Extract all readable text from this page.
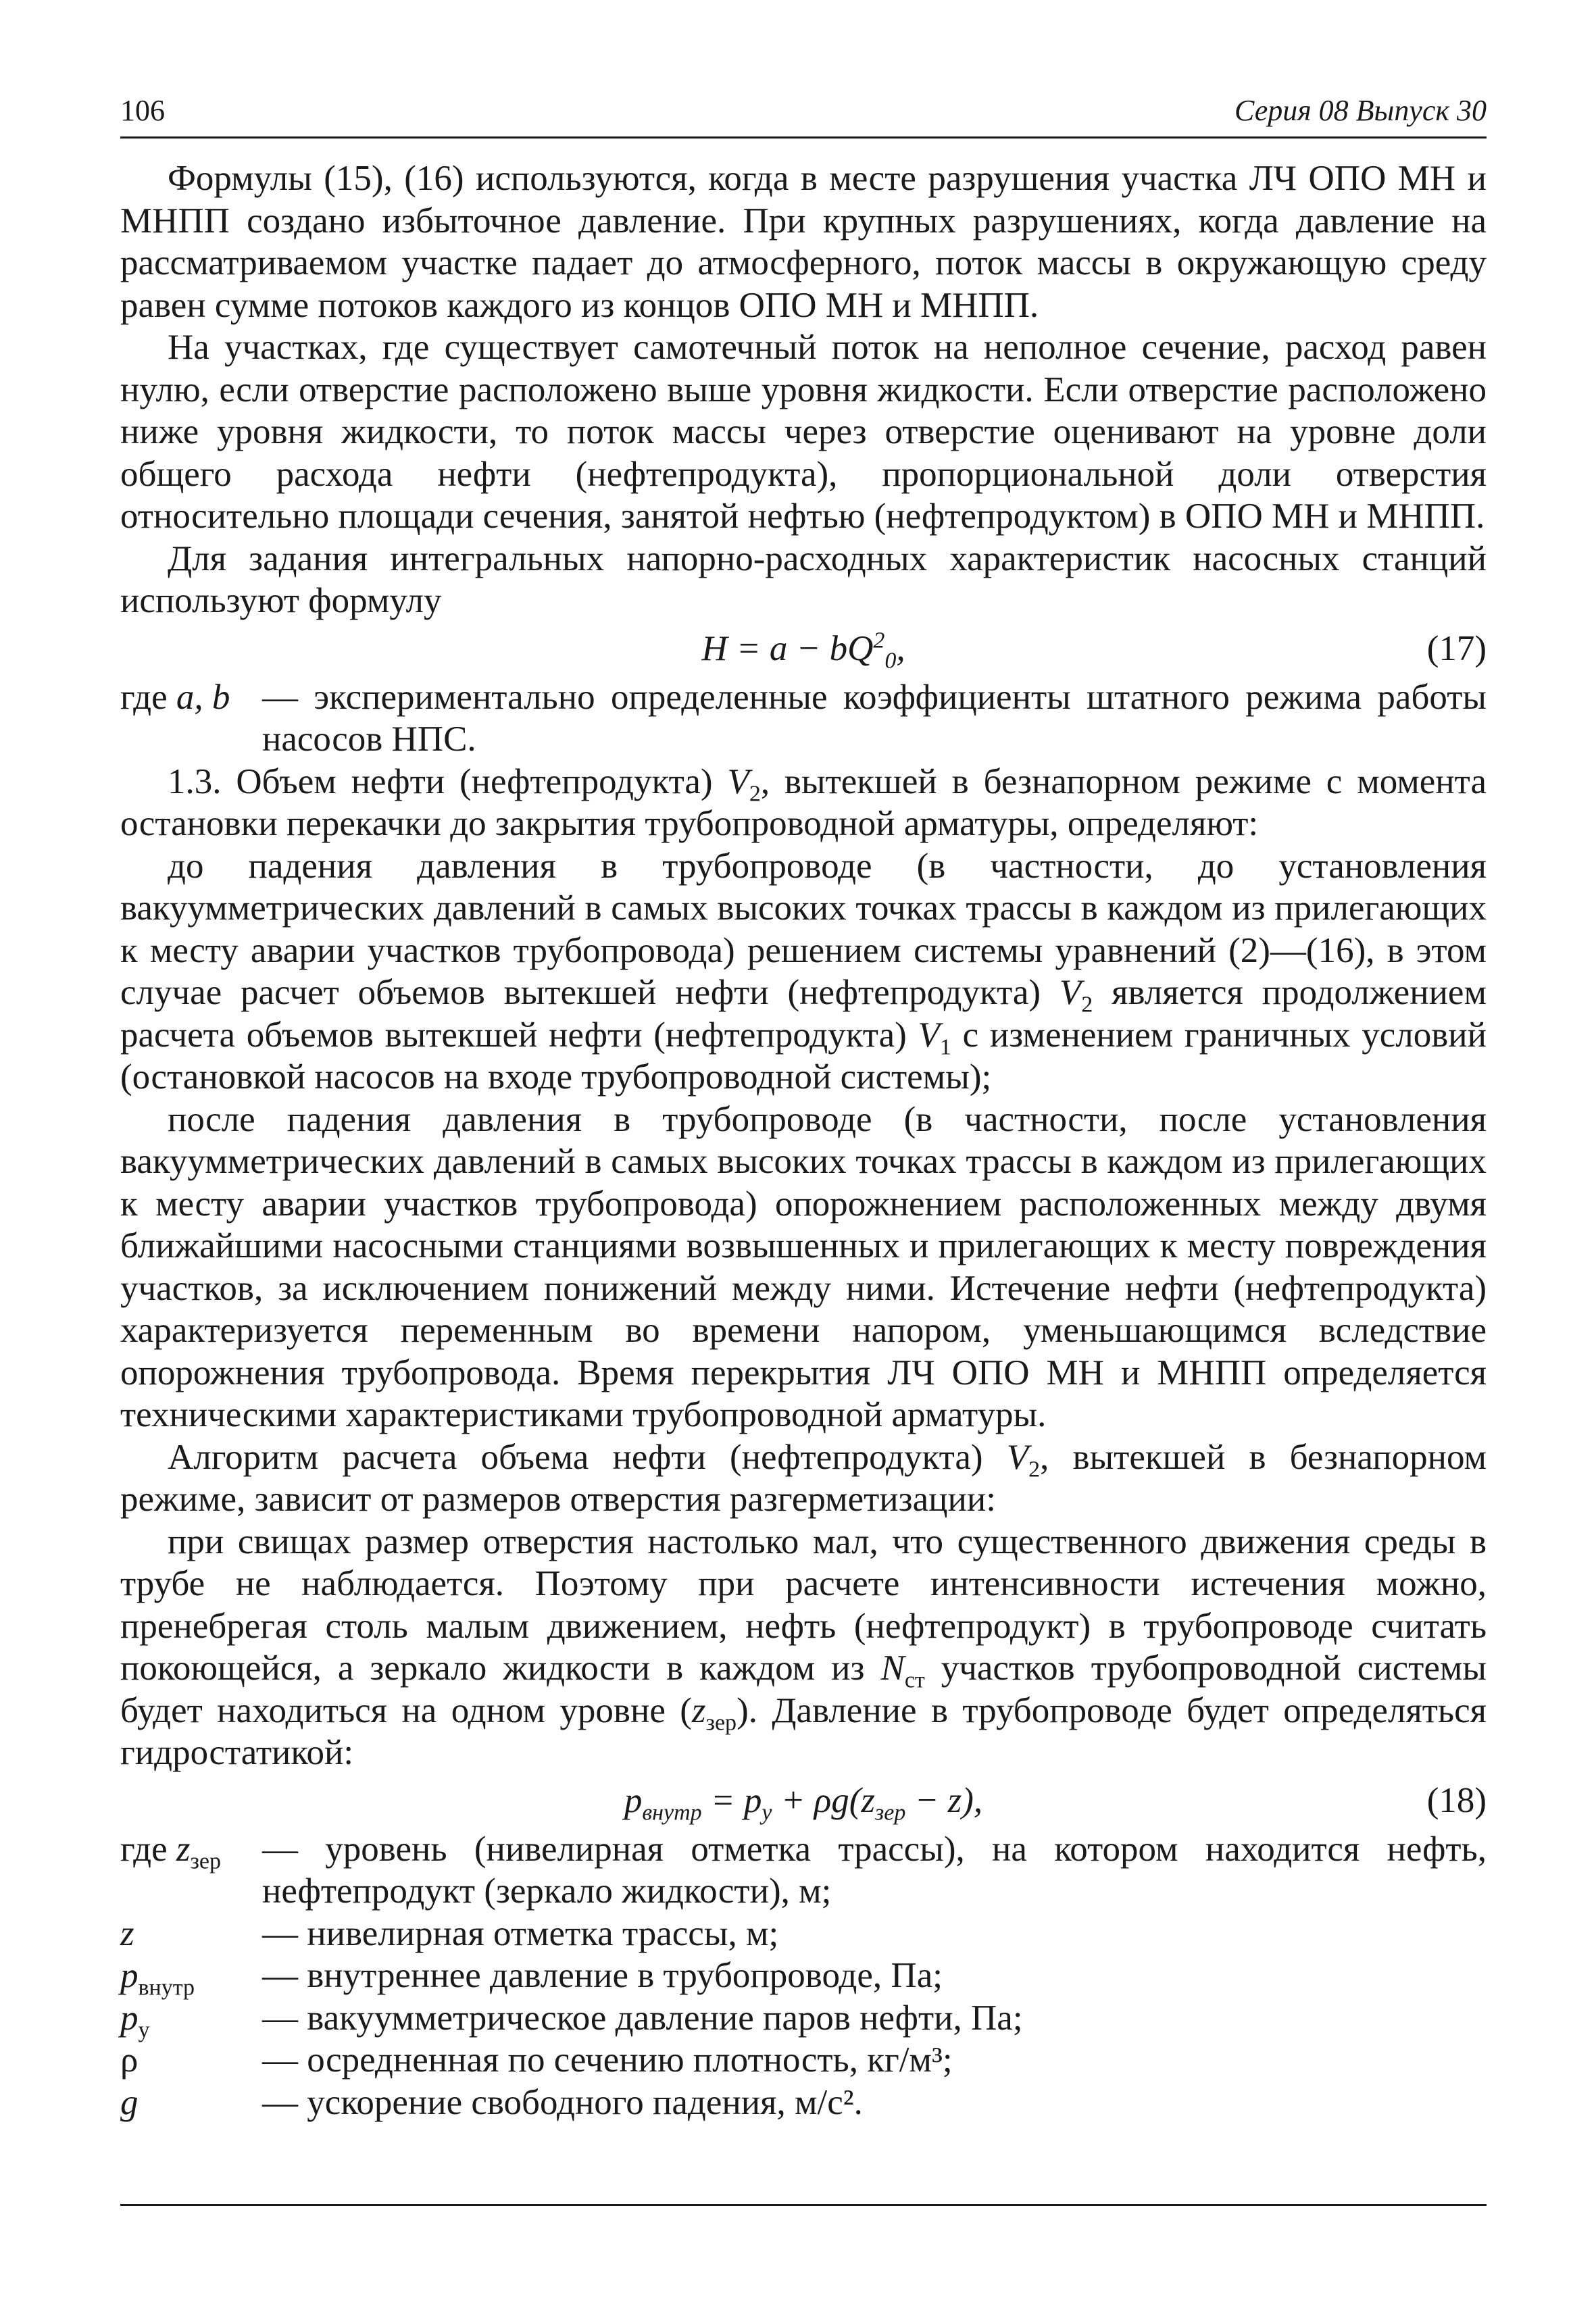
106	Серия 08 Выпуск 30

Формулы (15), (16) используются, когда в месте разрушения участка ЛЧ ОПО МН и МНПП создано избыточное давление. При крупных разрушениях, когда давление на рассматриваемом участке падает до атмосферного, поток массы в окружающую среду равен сумме потоков каждого из концов ОПО МН и МНПП.

На участках, где существует самотечный поток на неполное сечение, расход равен нулю, если отверстие расположено выше уровня жидкости. Если отверстие расположено ниже уровня жидкости, то поток массы через отверстие оценивают на уровне доли общего расхода нефти (нефтепродукта), пропорциональной доли отверстия относительно площади сечения, занятой нефтью (нефтепродуктом) в ОПО МН и МНПП.

Для задания интегральных напорно-расходных характеристик насосных станций используют формулу

$H = a - bQ^2_0$,	(17)
где a, b — экспериментально определенные коэффициенты штатного режима работы насосов НПС.

1.3. Объем нефти (нефтепродукта) $V_2$, вытекшей в безнапорном режиме с момента остановки перекачки до закрытия трубопроводной арматуры, определяют:

до падения давления в трубопроводе (в частности, до установления вакуумметрических давлений в самых высоких точках трассы в каждом из прилегающих к месту аварии участков трубопровода) решением системы уравнений (2)—(16), в этом случае расчет объемов вытекшей нефти (нефтепродукта) $V_2$ является продолжением расчета объемов вытекшей нефти (нефтепродукта) $V_1$ с изменением граничных условий (остановкой насосов на входе трубопроводной системы);

после падения давления в трубопроводе (в частности, после установления вакуумметрических давлений в самых высоких точках трассы в каждом из прилегающих к месту аварии участков трубопровода) опорожнением расположенных между двумя ближайшими насосными станциями возвышенных и прилегающих к месту повреждения участков, за исключением понижений между ними. Истечение нефти (нефтепродукта) характеризуется переменным во времени напором, уменьшающимся вследствие опорожнения трубопровода. Время перекрытия ЛЧ ОПО МН и МНПП определяется техническими характеристиками трубопроводной арматуры.

Алгоритм расчета объема нефти (нефтепродукта) $V_2$, вытекшей в безнапорном режиме, зависит от размеров отверстия разгерметизации:

при свищах размер отверстия настолько мал, что существенного движения среды в трубе не наблюдается. Поэтому при расчете интенсивности истечения можно, пренебрегая столь малым движением, нефть (нефтепродукт) в трубопроводе считать покоющейся, а зеркало жидкости в каждом из $N_{ст}$ участков трубопроводной системы будет находиться на одном уровне $(z_{зер})$. Давление в трубопроводе будет определяться гидростатикой:

$p_{внутр} = p_у + \rho g(z_{зер} - z)$,	(18)
где $z_{зер}$	— уровень (нивелирная отметка трассы), на котором находится нефть, нефтепродукт (зеркало жидкости), м;
z	— нивелирная отметка трассы, м;
$p_{внутр}$	— внутреннее давление в трубопроводе, Па;
$p_у$	— вакуумметрическое давление паров нефти, Па;
ρ	— осредненная по сечению плотность, кг/м³;
g	— ускорение свободного падения, м/с².
